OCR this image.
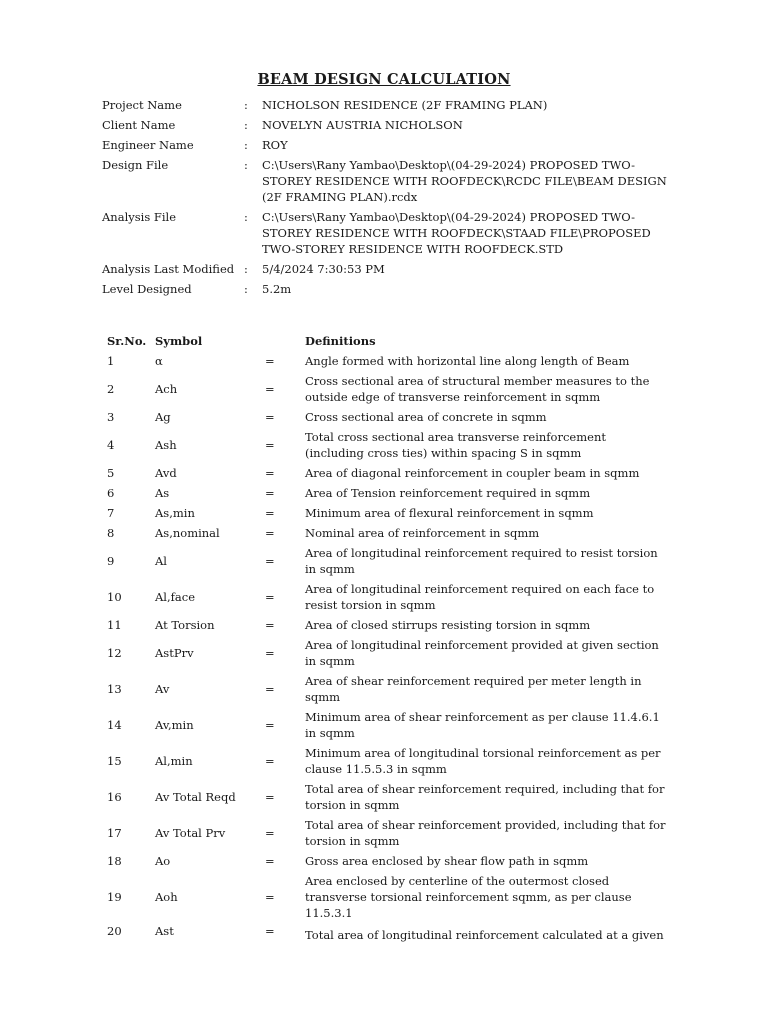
BEAM DESIGN CALCULATION
Project Name	:	NICHOLSON RESIDENCE (2F FRAMING PLAN)
Client Name	:	NOVELYN AUSTRIA NICHOLSON
Engineer Name	:	ROY
Design File	:	C:\Users\Rany Yambao\Desktop\(04-29-2024) PROPOSED TWO-STOREY RESIDENCE WITH ROOFDECK\RCDC FILE\BEAM DESIGN (2F FRAMING PLAN).rcdx
Analysis File	:	C:\Users\Rany Yambao\Desktop\(04-29-2024) PROPOSED TWO-STOREY RESIDENCE WITH ROOFDECK\STAAD FILE\PROPOSED TWO-STOREY RESIDENCE WITH ROOFDECK.STD
Analysis Last Modified :	5/4/2024 7:30:53 PM
Level Designed	:	5.2m
Sr.No. Symbol	Definitions
1	α	=	Angle formed with horizontal line along length of Beam
2	Ach	=
Cross sectional area of structural member measures to the outside edge of transverse reinforcement in sqmm
3	Ag	=	Cross sectional area of concrete in sqmm
4	Ash	=
Total cross sectional area transverse reinforcement (including cross ties) within spacing S in sqmm
5	Avd	=	Area of diagonal reinforcement in coupler beam in sqmm
6	As	=	Area of Tension reinforcement required in sqmm
7	As,min	=	Minimum area of flexural reinforcement in sqmm
8	As,nominal	=	Nominal area of reinforcement in sqmm
9	Al	=
Area of longitudinal reinforcement required to resist torsion in sqmm
10	Al,face	=
Area of longitudinal reinforcement required on each face to resist torsion in sqmm
11	At Torsion	=	Area of closed stirrups resisting torsion in sqmm
12	AstPrv	=
Area of longitudinal reinforcement provided at given section in sqmm
13	Av	=
Area of shear reinforcement required per meter length in sqmm
14	Av,min	=
Minimum area of shear reinforcement as per clause 11.4.6.1 in sqmm
15	Al,min	=
Minimum area of longitudinal torsional reinforcement as per clause 11.5.5.3 in sqmm
16	Av Total Reqd	=
Total area of shear reinforcement required, including that for torsion in sqmm
17	Av Total Prv	=
Total area of shear reinforcement provided, including that for torsion in sqmm
18	Ao	=	Gross area enclosed by shear flow path in sqmm
19	Aoh	=
Area enclosed by centerline of the outermost closed transverse torsional reinforcement sqmm, as per clause 11.5.3.1
20	Ast	=	Total area of longitudinal reinforcement calculated at a given
